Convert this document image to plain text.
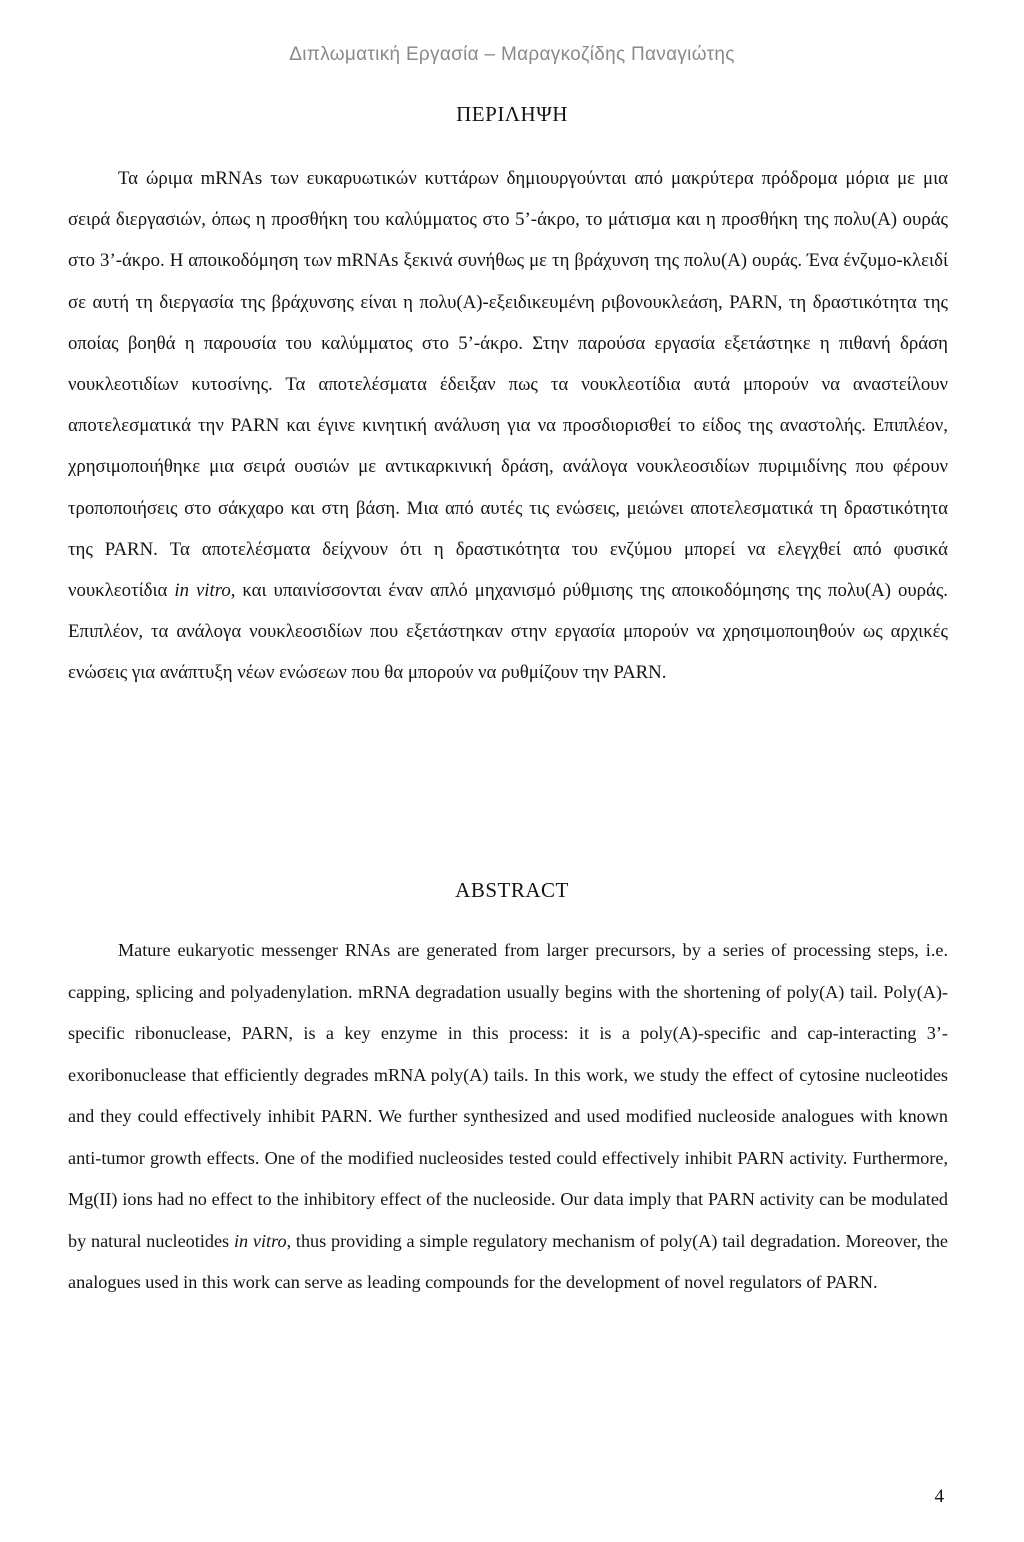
Διπλωματική Εργασία – Μαραγκοζίδης Παναγιώτης
ΠΕΡΙΛΗΨΗ

Τα ώριμα mRNAs των ευκαρυωτικών κυττάρων δημιουργούνται από μακρύτερα πρόδρομα μόρια με μια σειρά διεργασιών, όπως η προσθήκη του καλύμματος στο 5’-άκρο, το μάτισμα και η προσθήκη της πολυ(Α) ουράς στο 3’-άκρο. Η αποικοδόμηση των mRNAs ξεκινά συνήθως με τη βράχυνση της πολυ(Α) ουράς. Ένα ένζυμο-κλειδί σε αυτή τη διεργασία της βράχυνσης είναι η πολυ(Α)-εξειδικευμένη ριβονουκλεάση, PARN, τη δραστικότητα της οποίας βοηθά η παρουσία του καλύμματος στο 5’-άκρο. Στην παρούσα εργασία εξετάστηκε η πιθανή δράση νουκλεοτιδίων κυτοσίνης. Τα αποτελέσματα έδειξαν πως τα νουκλεοτίδια αυτά μπορούν να αναστείλουν αποτελεσματικά την PARN και έγινε κινητική ανάλυση για να προσδιορισθεί το είδος της αναστολής. Επιπλέον, χρησιμοποιήθηκε μια σειρά ουσιών με αντικαρκινική δράση, ανάλογα νουκλεοσιδίων πυριμιδίνης που φέρουν τροποποιήσεις στο σάκχαρο και στη βάση. Μια από αυτές τις ενώσεις, μειώνει αποτελεσματικά τη δραστικότητα της PARN. Τα αποτελέσματα δείχνουν ότι η δραστικότητα του ενζύμου μπορεί να ελεγχθεί από φυσικά νουκλεοτίδια in vitro, και υπαινίσσονται έναν απλό μηχανισμό ρύθμισης της αποικοδόμησης της πολυ(Α) ουράς. Επιπλέον, τα ανάλογα νουκλεοσιδίων που εξετάστηκαν στην εργασία μπορούν να χρησιμοποιηθούν ως αρχικές ενώσεις για ανάπτυξη νέων ενώσεων που θα μπορούν να ρυθμίζουν την PARN.

ABSTRACT

Mature eukaryotic messenger RNAs are generated from larger precursors, by a series of processing steps, i.e. capping, splicing and polyadenylation. mRNA degradation usually begins with the shortening of poly(A) tail. Poly(A)-specific ribonuclease, PARN, is a key enzyme in this process: it is a poly(A)-specific and cap-interacting 3’- exoribonuclease that efficiently degrades mRNA poly(A) tails. In this work, we study the effect of cytosine nucleotides and they could effectively inhibit PARN. We further synthesized and used modified nucleoside analogues with known anti-tumor growth effects. One of the modified nucleosides tested could effectively inhibit PARN activity. Furthermore, Mg(II) ions had no effect to the inhibitory effect of the nucleoside. Our data imply that PARN activity can be modulated by natural nucleotides in vitro, thus providing a simple regulatory mechanism of poly(A) tail degradation. Moreover, the analogues used in this work can serve as leading compounds for the development of novel regulators of PARN.

4
